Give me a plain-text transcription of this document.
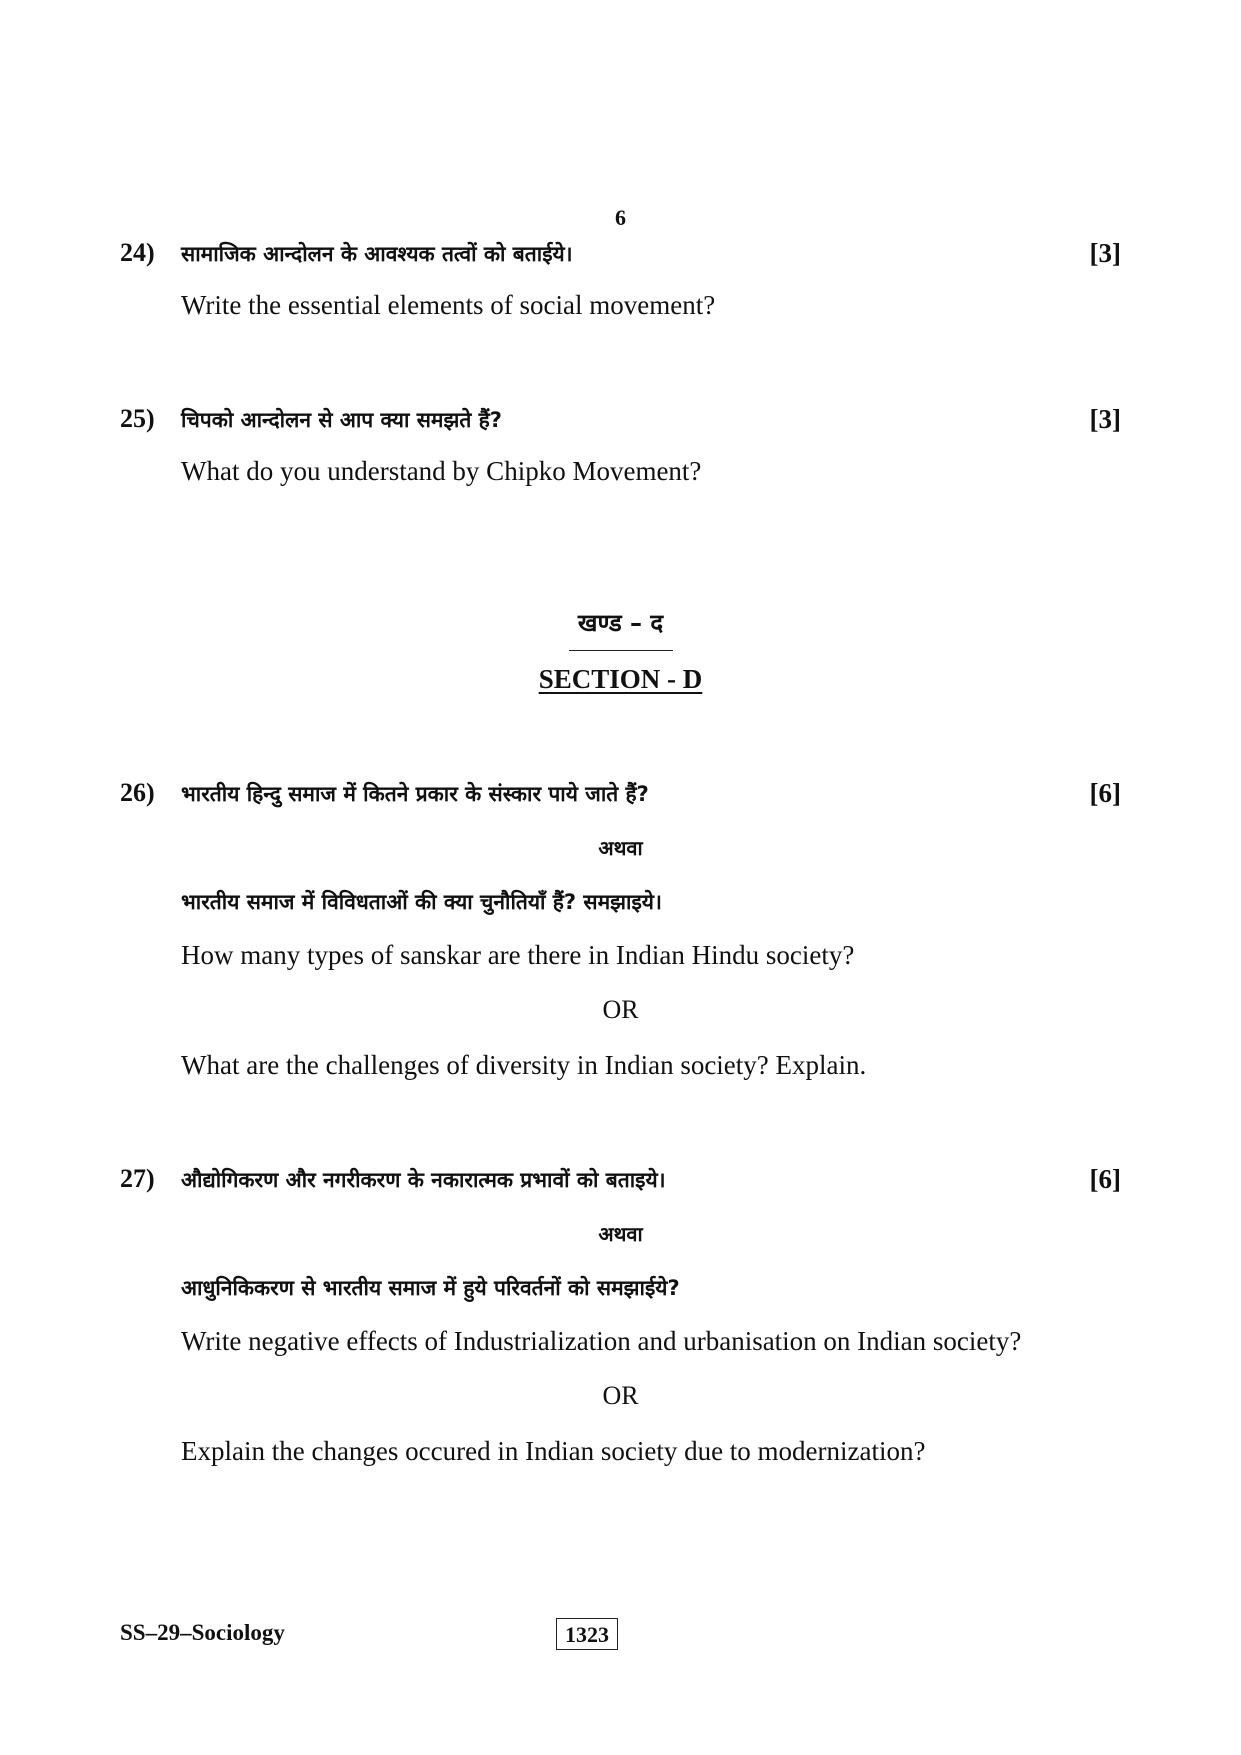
6
24) सामाजिक आन्दोलन के आवश्यक तत्वों को बताईये।	[3]
Write the essential elements of social movement?
25) चिपको आन्दोलन से आप क्या समझते हैं?	[3]
What do you understand by Chipko Movement?
खण्ड – द
SECTION - D
26) भारतीय हिन्दु समाज में कितने प्रकार के संस्कार पाये जाते हैं?	[6]
अथवा
भारतीय समाज में विविधताओं की क्या चुनौतियाँ हैं? समझाइये।
How many types of sanskar are there in Indian Hindu society?
OR
What are the challenges of diversity in Indian society? Explain.
27) औद्योगिकरण और नगरीकरण के नकारात्मक प्रभावों को बताइये।	[6]
अथवा
आधुनिकिकरण से भारतीय समाज में हुये परिवर्तनों को समझाईये?
Write negative effects of Industrialization and urbanisation on Indian society?
OR
Explain the changes occured in Indian society due to modernization?
SS–29–Sociology	1323
